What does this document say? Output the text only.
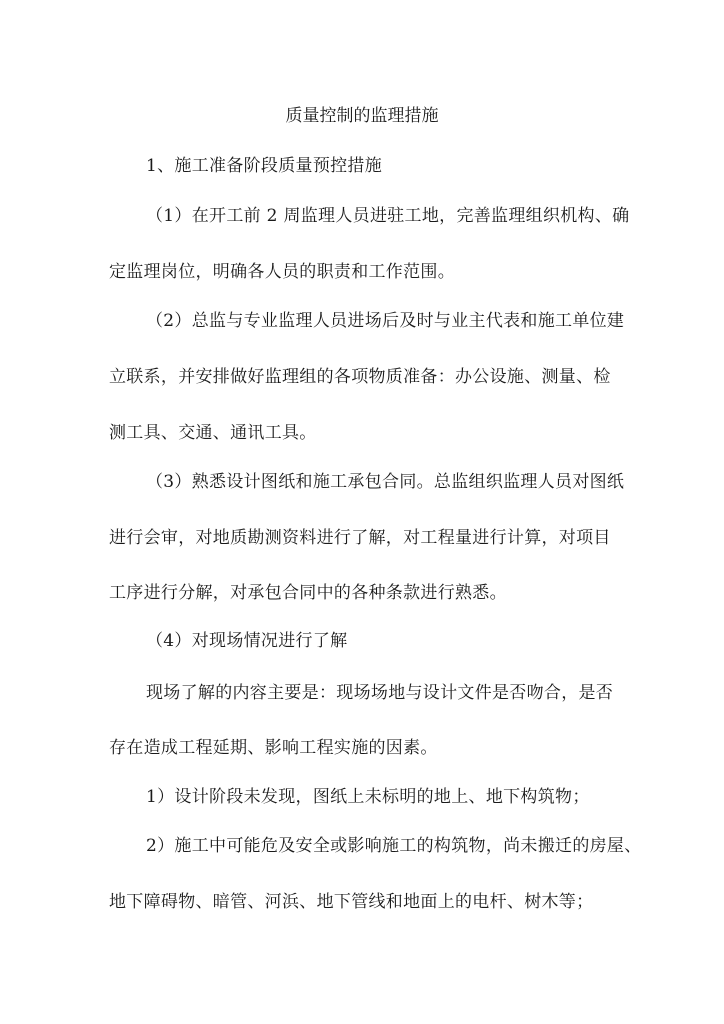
质量控制的监理措施
1、施工准备阶段质量预控措施
（1）在开工前 2 周监理人员进驻工地，完善监理组织机构、确
定监理岗位，明确各人员的职责和工作范围。
（2）总监与专业监理人员进场后及时与业主代表和施工单位建
立联系，并安排做好监理组的各项物质准备：办公设施、测量、检
测工具、交通、通讯工具。
（3）熟悉设计图纸和施工承包合同。总监组织监理人员对图纸
进行会审，对地质勘测资料进行了解，对工程量进行计算，对项目
工序进行分解，对承包合同中的各种条款进行熟悉。
（4）对现场情况进行了解
现场了解的内容主要是：现场场地与设计文件是否吻合，是否
存在造成工程延期、影响工程实施的因素。
1）设计阶段未发现，图纸上未标明的地上、地下构筑物；
2）施工中可能危及安全或影响施工的构筑物，尚未搬迁的房屋、
地下障碍物、暗管、河浜、地下管线和地面上的电杆、树木等；
